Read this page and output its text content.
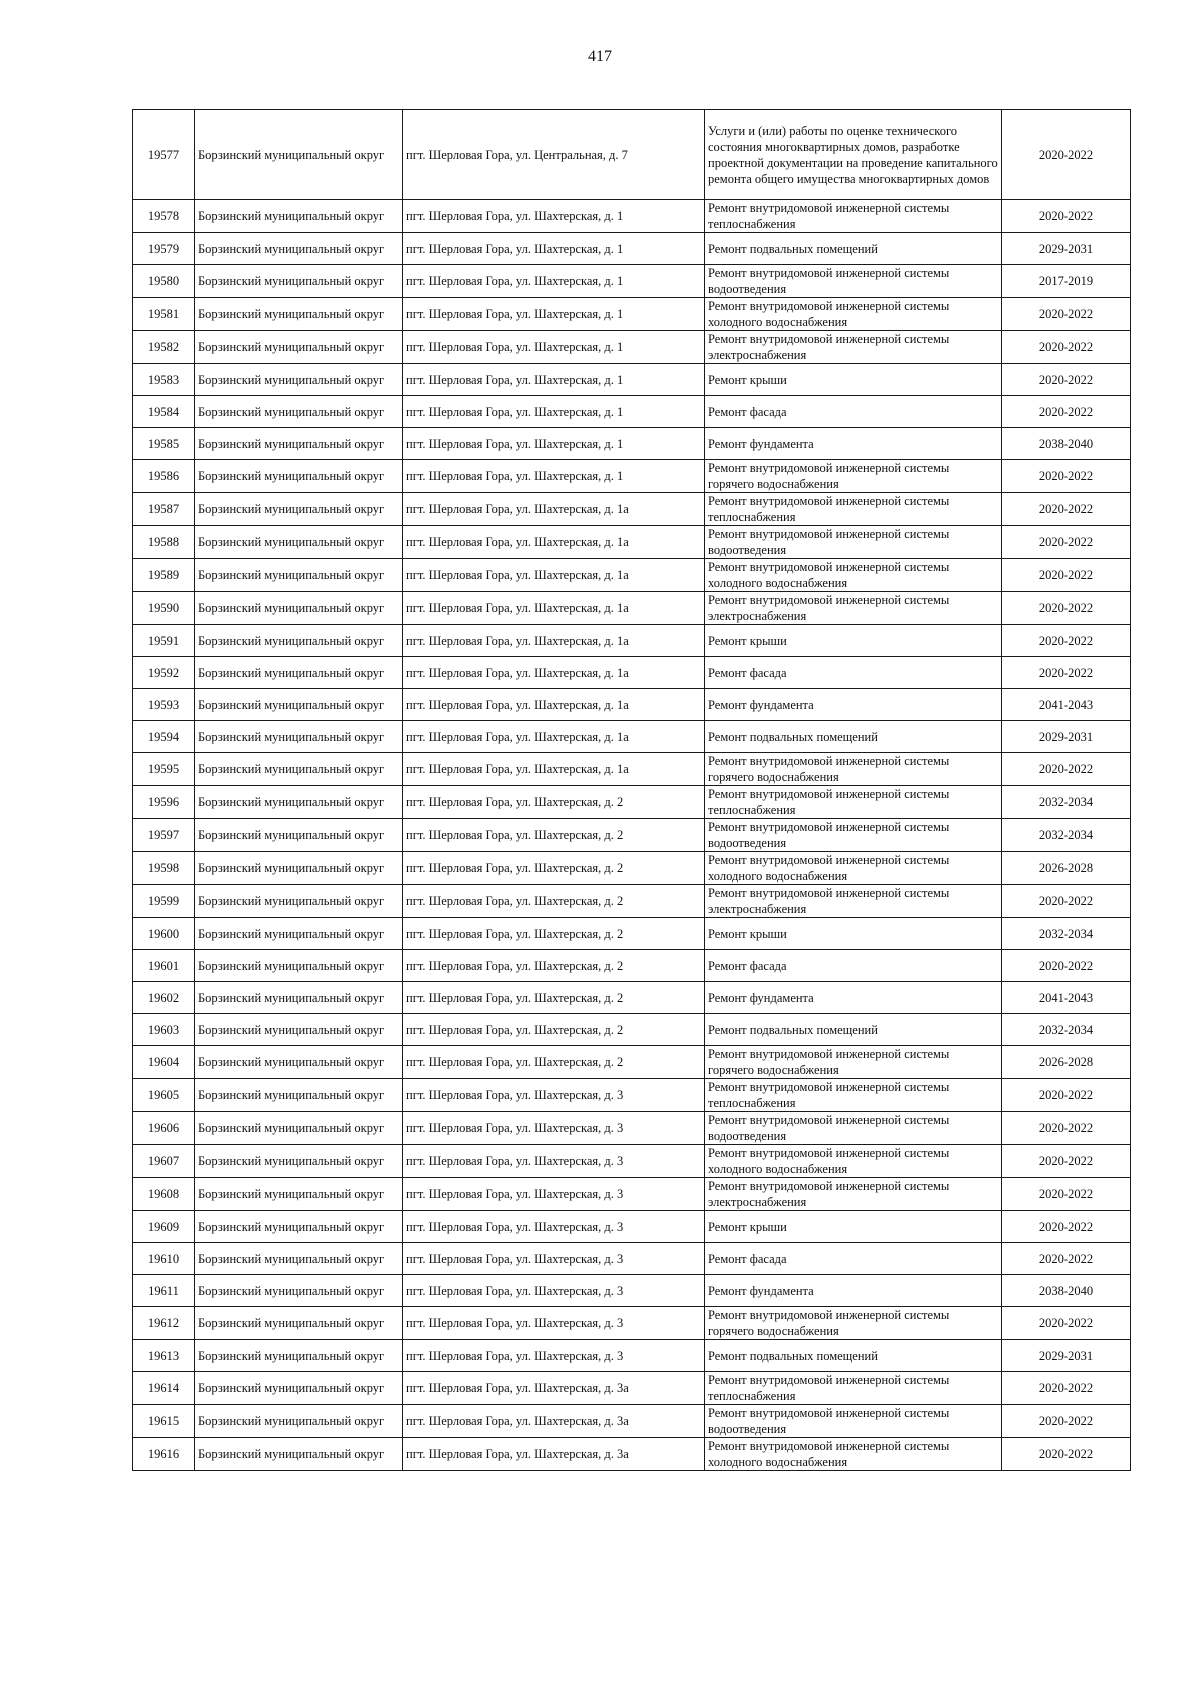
417
19577	Борзинский муниципальный округ	пгт. Шерловая Гора, ул. Центральная, д. 7	Услуги и (или) работы по оценке технического состояния многоквартирных домов, разработке проектной документации на проведение капитального ремонта общего имущества многоквартирных домов	2020-2022
19578	Борзинский муниципальный округ	пгт. Шерловая Гора, ул. Шахтерская, д. 1	Ремонт внутридомовой инженерной системы теплоснабжения	2020-2022
19579	Борзинский муниципальный округ	пгт. Шерловая Гора, ул. Шахтерская, д. 1	Ремонт подвальных помещений	2029-2031
19580	Борзинский муниципальный округ	пгт. Шерловая Гора, ул. Шахтерская, д. 1	Ремонт внутридомовой инженерной системы водоотведения	2017-2019
19581	Борзинский муниципальный округ	пгт. Шерловая Гора, ул. Шахтерская, д. 1	Ремонт внутридомовой инженерной системы холодного водоснабжения	2020-2022
19582	Борзинский муниципальный округ	пгт. Шерловая Гора, ул. Шахтерская, д. 1	Ремонт внутридомовой инженерной системы электроснабжения	2020-2022
19583	Борзинский муниципальный округ	пгт. Шерловая Гора, ул. Шахтерская, д. 1	Ремонт крыши	2020-2022
19584	Борзинский муниципальный округ	пгт. Шерловая Гора, ул. Шахтерская, д. 1	Ремонт фасада	2020-2022
19585	Борзинский муниципальный округ	пгт. Шерловая Гора, ул. Шахтерская, д. 1	Ремонт фундамента	2038-2040
19586	Борзинский муниципальный округ	пгт. Шерловая Гора, ул. Шахтерская, д. 1	Ремонт внутридомовой инженерной системы горячего водоснабжения	2020-2022
19587	Борзинский муниципальный округ	пгт. Шерловая Гора, ул. Шахтерская, д. 1а	Ремонт внутридомовой инженерной системы теплоснабжения	2020-2022
19588	Борзинский муниципальный округ	пгт. Шерловая Гора, ул. Шахтерская, д. 1а	Ремонт внутридомовой инженерной системы водоотведения	2020-2022
19589	Борзинский муниципальный округ	пгт. Шерловая Гора, ул. Шахтерская, д. 1а	Ремонт внутридомовой инженерной системы холодного водоснабжения	2020-2022
19590	Борзинский муниципальный округ	пгт. Шерловая Гора, ул. Шахтерская, д. 1а	Ремонт внутридомовой инженерной системы электроснабжения	2020-2022
19591	Борзинский муниципальный округ	пгт. Шерловая Гора, ул. Шахтерская, д. 1а	Ремонт крыши	2020-2022
19592	Борзинский муниципальный округ	пгт. Шерловая Гора, ул. Шахтерская, д. 1а	Ремонт фасада	2020-2022
19593	Борзинский муниципальный округ	пгт. Шерловая Гора, ул. Шахтерская, д. 1а	Ремонт фундамента	2041-2043
19594	Борзинский муниципальный округ	пгт. Шерловая Гора, ул. Шахтерская, д. 1а	Ремонт подвальных помещений	2029-2031
19595	Борзинский муниципальный округ	пгт. Шерловая Гора, ул. Шахтерская, д. 1а	Ремонт внутридомовой инженерной системы горячего водоснабжения	2020-2022
19596	Борзинский муниципальный округ	пгт. Шерловая Гора, ул. Шахтерская, д. 2	Ремонт внутридомовой инженерной системы теплоснабжения	2032-2034
19597	Борзинский муниципальный округ	пгт. Шерловая Гора, ул. Шахтерская, д. 2	Ремонт внутридомовой инженерной системы водоотведения	2032-2034
19598	Борзинский муниципальный округ	пгт. Шерловая Гора, ул. Шахтерская, д. 2	Ремонт внутридомовой инженерной системы холодного водоснабжения	2026-2028
19599	Борзинский муниципальный округ	пгт. Шерловая Гора, ул. Шахтерская, д. 2	Ремонт внутридомовой инженерной системы электроснабжения	2020-2022
19600	Борзинский муниципальный округ	пгт. Шерловая Гора, ул. Шахтерская, д. 2	Ремонт крыши	2032-2034
19601	Борзинский муниципальный округ	пгт. Шерловая Гора, ул. Шахтерская, д. 2	Ремонт фасада	2020-2022
19602	Борзинский муниципальный округ	пгт. Шерловая Гора, ул. Шахтерская, д. 2	Ремонт фундамента	2041-2043
19603	Борзинский муниципальный округ	пгт. Шерловая Гора, ул. Шахтерская, д. 2	Ремонт подвальных помещений	2032-2034
19604	Борзинский муниципальный округ	пгт. Шерловая Гора, ул. Шахтерская, д. 2	Ремонт внутридомовой инженерной системы горячего водоснабжения	2026-2028
19605	Борзинский муниципальный округ	пгт. Шерловая Гора, ул. Шахтерская, д. 3	Ремонт внутридомовой инженерной системы теплоснабжения	2020-2022
19606	Борзинский муниципальный округ	пгт. Шерловая Гора, ул. Шахтерская, д. 3	Ремонт внутридомовой инженерной системы водоотведения	2020-2022
19607	Борзинский муниципальный округ	пгт. Шерловая Гора, ул. Шахтерская, д. 3	Ремонт внутридомовой инженерной системы холодного водоснабжения	2020-2022
19608	Борзинский муниципальный округ	пгт. Шерловая Гора, ул. Шахтерская, д. 3	Ремонт внутридомовой инженерной системы электроснабжения	2020-2022
19609	Борзинский муниципальный округ	пгт. Шерловая Гора, ул. Шахтерская, д. 3	Ремонт крыши	2020-2022
19610	Борзинский муниципальный округ	пгт. Шерловая Гора, ул. Шахтерская, д. 3	Ремонт фасада	2020-2022
19611	Борзинский муниципальный округ	пгт. Шерловая Гора, ул. Шахтерская, д. 3	Ремонт фундамента	2038-2040
19612	Борзинский муниципальный округ	пгт. Шерловая Гора, ул. Шахтерская, д. 3	Ремонт внутридомовой инженерной системы горячего водоснабжения	2020-2022
19613	Борзинский муниципальный округ	пгт. Шерловая Гора, ул. Шахтерская, д. 3	Ремонт подвальных помещений	2029-2031
19614	Борзинский муниципальный округ	пгт. Шерловая Гора, ул. Шахтерская, д. 3а	Ремонт внутридомовой инженерной системы теплоснабжения	2020-2022
19615	Борзинский муниципальный округ	пгт. Шерловая Гора, ул. Шахтерская, д. 3а	Ремонт внутридомовой инженерной системы водоотведения	2020-2022
19616	Борзинский муниципальный округ	пгт. Шерловая Гора, ул. Шахтерская, д. 3а	Ремонт внутридомовой инженерной системы холодного водоснабжения	2020-2022
